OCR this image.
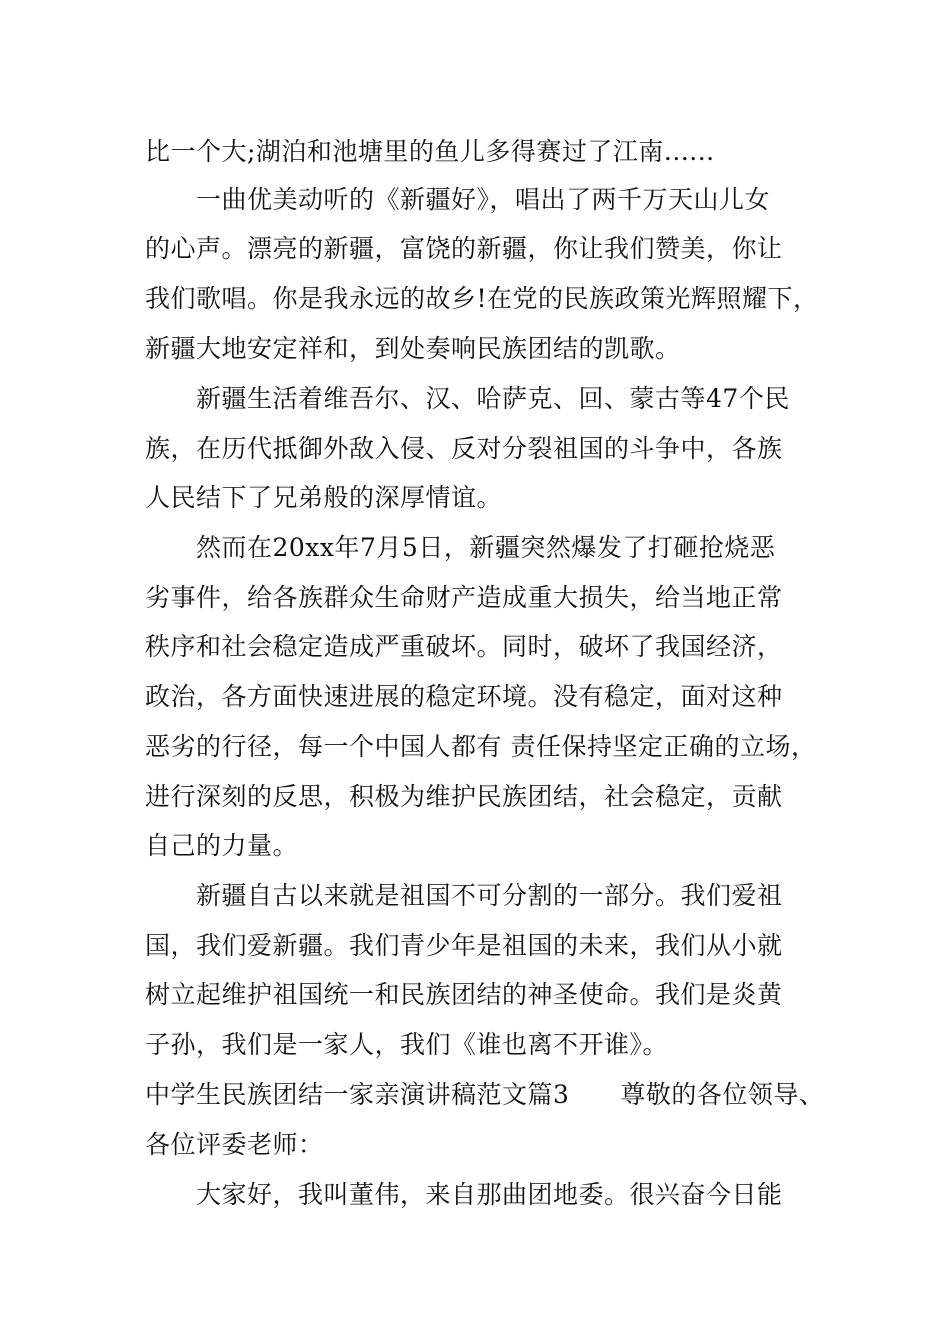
比一个大;湖泊和池塘里的鱼儿多得赛过了江南......
一曲优美动听的《新疆好》，唱出了两千万天山儿女
的心声。漂亮的新疆，富饶的新疆，你让我们赞美，你让
我们歌唱。你是我永远的故乡!在党的民族政策光辉照耀下，
新疆大地安定祥和，到处奏响民族团结的凯歌。
新疆生活着维吾尔、汉、哈萨克、回、蒙古等47个民
族，在历代抵御外敌入侵、反对分裂祖国的斗争中，各族
人民结下了兄弟般的深厚情谊。
然而在20xx年7月5日，新疆突然爆发了打砸抢烧恶
劣事件，给各族群众生命财产造成重大损失，给当地正常
秩序和社会稳定造成严重破坏。同时，破坏了我国经济，
政治，各方面快速进展的稳定环境。没有稳定，面对这种
恶劣的行径，每一个中国人都有 责任保持坚定正确的立场，
进行深刻的反思，积极为维护民族团结，社会稳定，贡献
自己的力量。
新疆自古以来就是祖国不可分割的一部分。我们爱祖
国，我们爱新疆。我们青少年是祖国的未来，我们从小就
树立起维护祖国统一和民族团结的神圣使命。我们是炎黄
子孙，我们是一家人，我们《谁也离不开谁》。
中学生民族团结一家亲演讲稿范文篇3　　尊敬的各位领导、
各位评委老师：
大家好，我叫董伟，来自那曲团地委。很兴奋今日能
